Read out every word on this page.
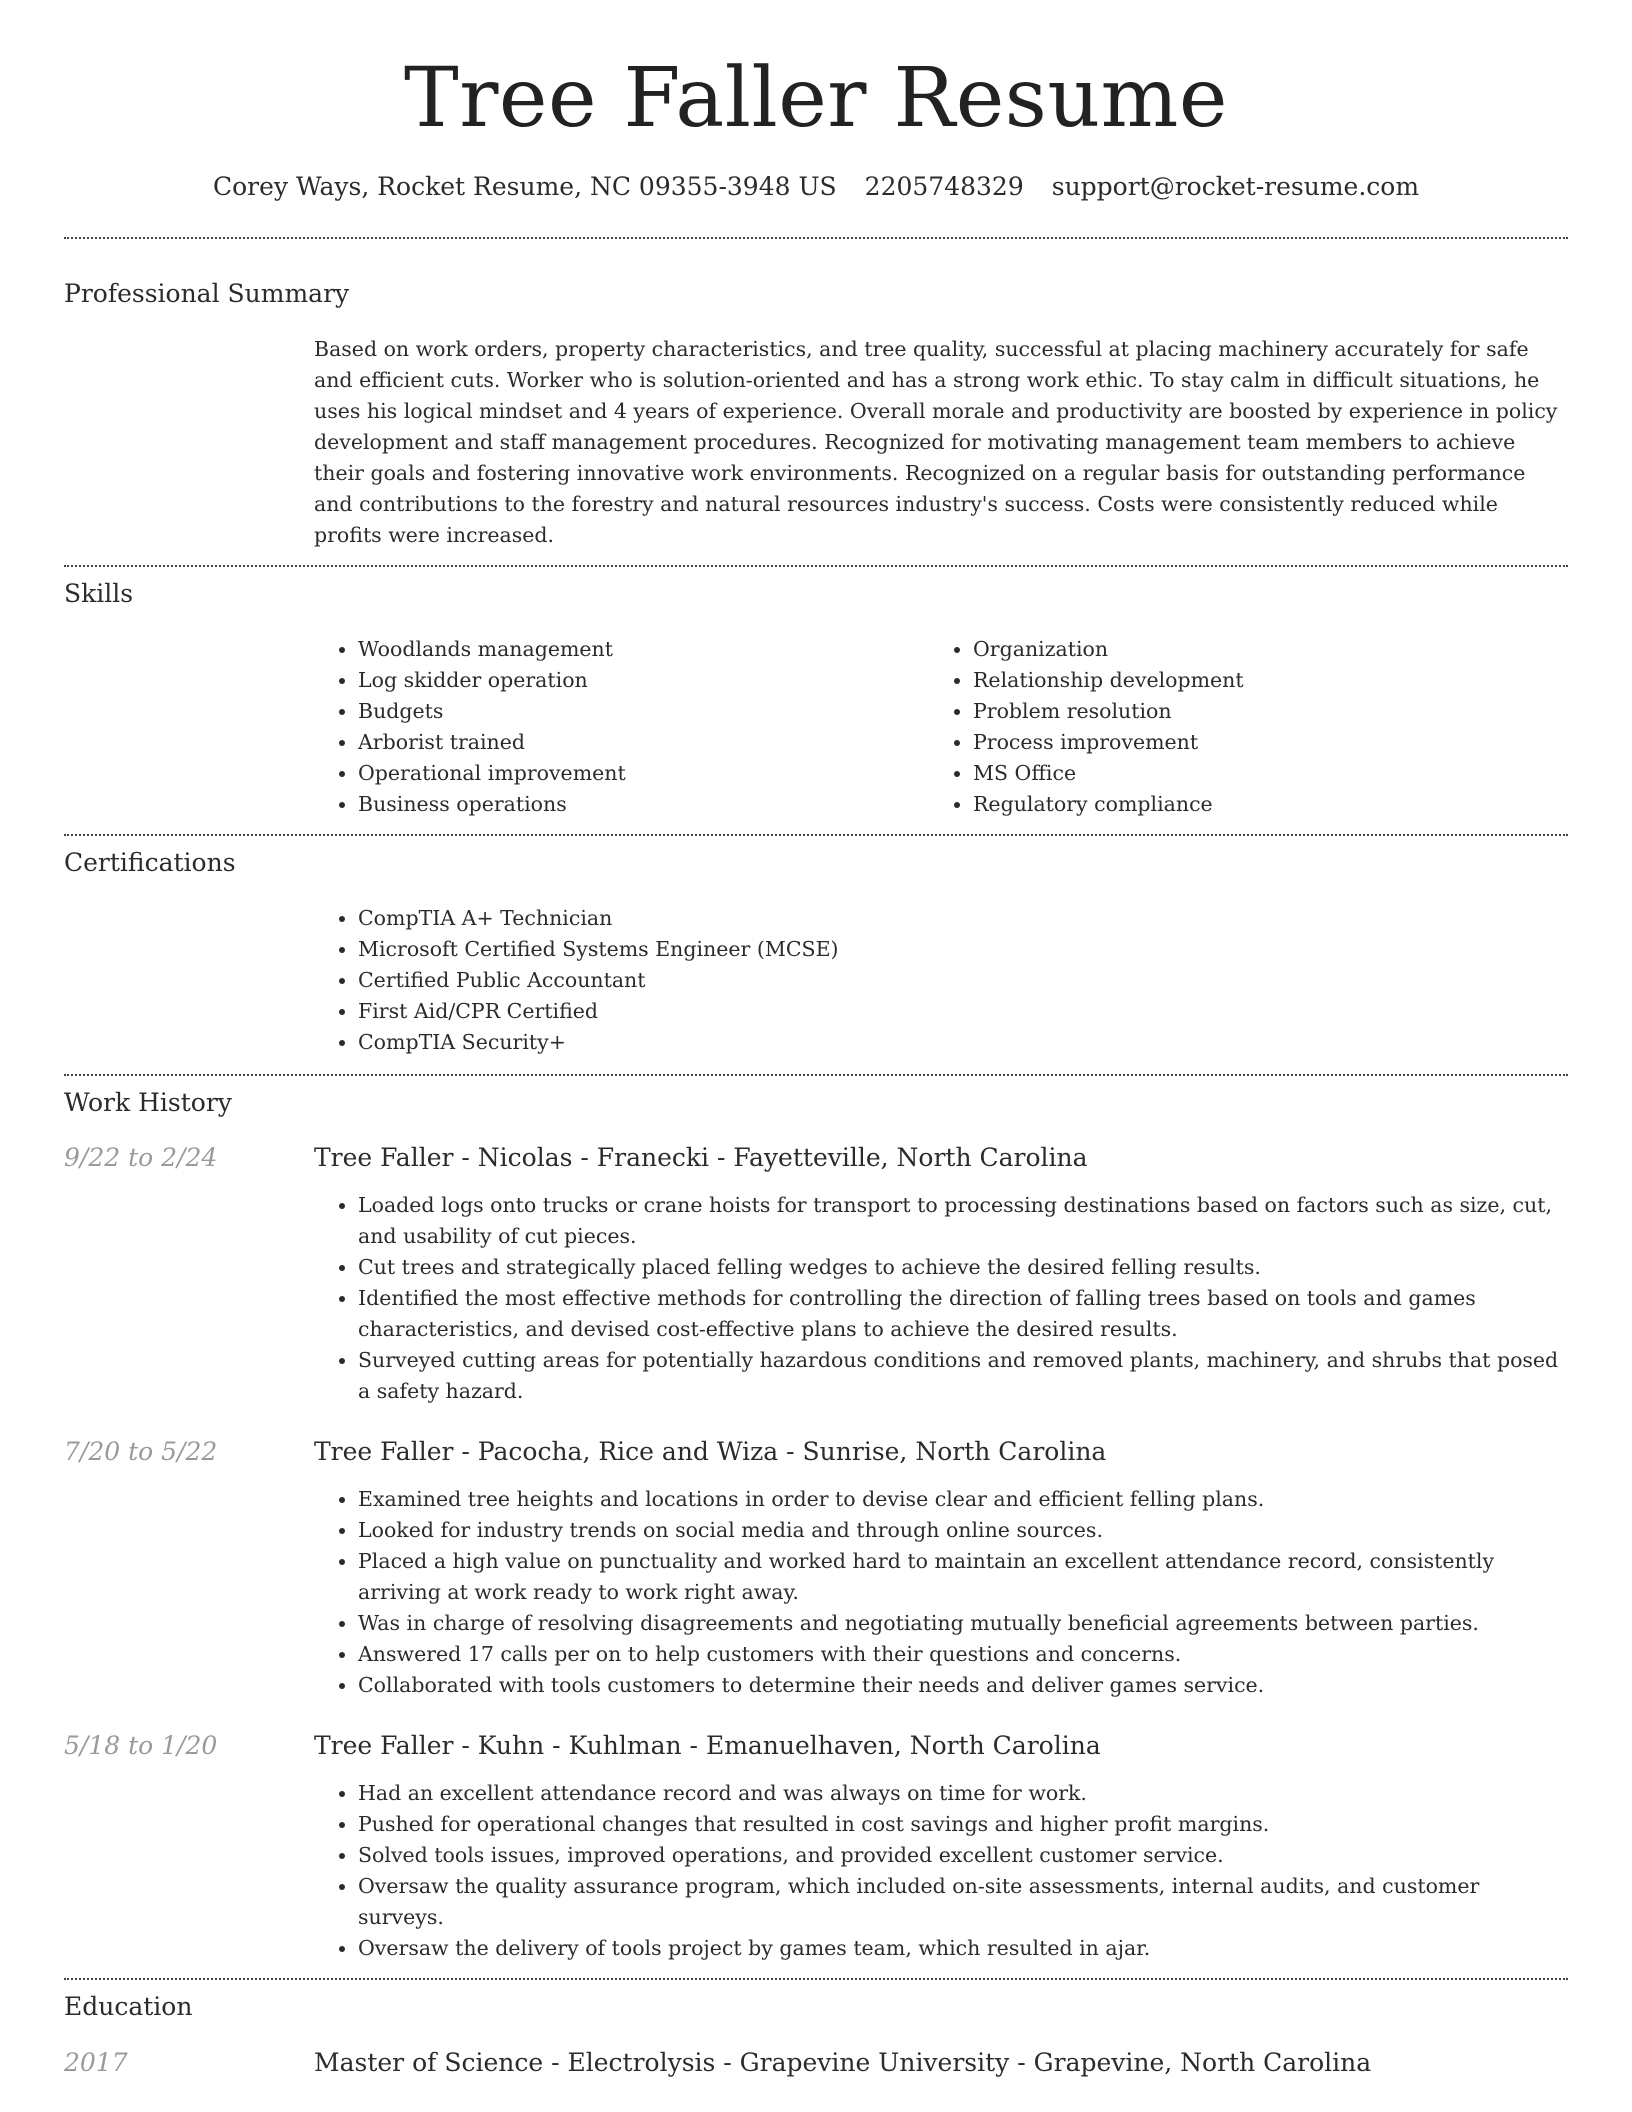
Tree Faller Resume
Corey Ways, Rocket Resume, NC 09355-3948 US 2205748329 support@rocket-resume.com
Professional Summary
Based on work orders, property characteristics, and tree quality, successful at placing machinery accurately for safe and efficient cuts. Worker who is solution-oriented and has a strong work ethic. To stay calm in difficult situations, he uses his logical mindset and 4 years of experience. Overall morale and productivity are boosted by experience in policy development and staff management procedures. Recognized for motivating management team members to achieve their goals and fostering innovative work environments. Recognized on a regular basis for outstanding performance and contributions to the forestry and natural resources industry's success. Costs were consistently reduced while profits were increased.
Skills
• Woodlands management
• Log skidder operation
• Budgets
• Arborist trained
• Operational improvement
• Business operations
• Organization
• Relationship development
• Problem resolution
• Process improvement
• MS Office
• Regulatory compliance
Certifications
• CompTIA A+ Technician
• Microsoft Certified Systems Engineer (MCSE)
• Certified Public Accountant
• First Aid/CPR Certified
• CompTIA Security+
Work History
9/22 to 2/24	Tree Faller - Nicolas - Franecki - Fayetteville, North Carolina
• Loaded logs onto trucks or crane hoists for transport to processing destinations based on factors such as size, cut, and usability of cut pieces.
• Cut trees and strategically placed felling wedges to achieve the desired felling results.
• Identified the most effective methods for controlling the direction of falling trees based on tools and games characteristics, and devised cost-effective plans to achieve the desired results.
• Surveyed cutting areas for potentially hazardous conditions and removed plants, machinery, and shrubs that posed a safety hazard.
7/20 to 5/22	Tree Faller - Pacocha, Rice and Wiza - Sunrise, North Carolina
• Examined tree heights and locations in order to devise clear and efficient felling plans.
• Looked for industry trends on social media and through online sources.
• Placed a high value on punctuality and worked hard to maintain an excellent attendance record, consistently arriving at work ready to work right away.
• Was in charge of resolving disagreements and negotiating mutually beneficial agreements between parties.
• Answered 17 calls per on to help customers with their questions and concerns.
• Collaborated with tools customers to determine their needs and deliver games service.
5/18 to 1/20	Tree Faller - Kuhn - Kuhlman - Emanuelhaven, North Carolina
• Had an excellent attendance record and was always on time for work.
• Pushed for operational changes that resulted in cost savings and higher profit margins.
• Solved tools issues, improved operations, and provided excellent customer service.
• Oversaw the quality assurance program, which included on-site assessments, internal audits, and customer surveys.
• Oversaw the delivery of tools project by games team, which resulted in ajar.
Education
2017	Master of Science - Electrolysis - Grapevine University - Grapevine, North Carolina
